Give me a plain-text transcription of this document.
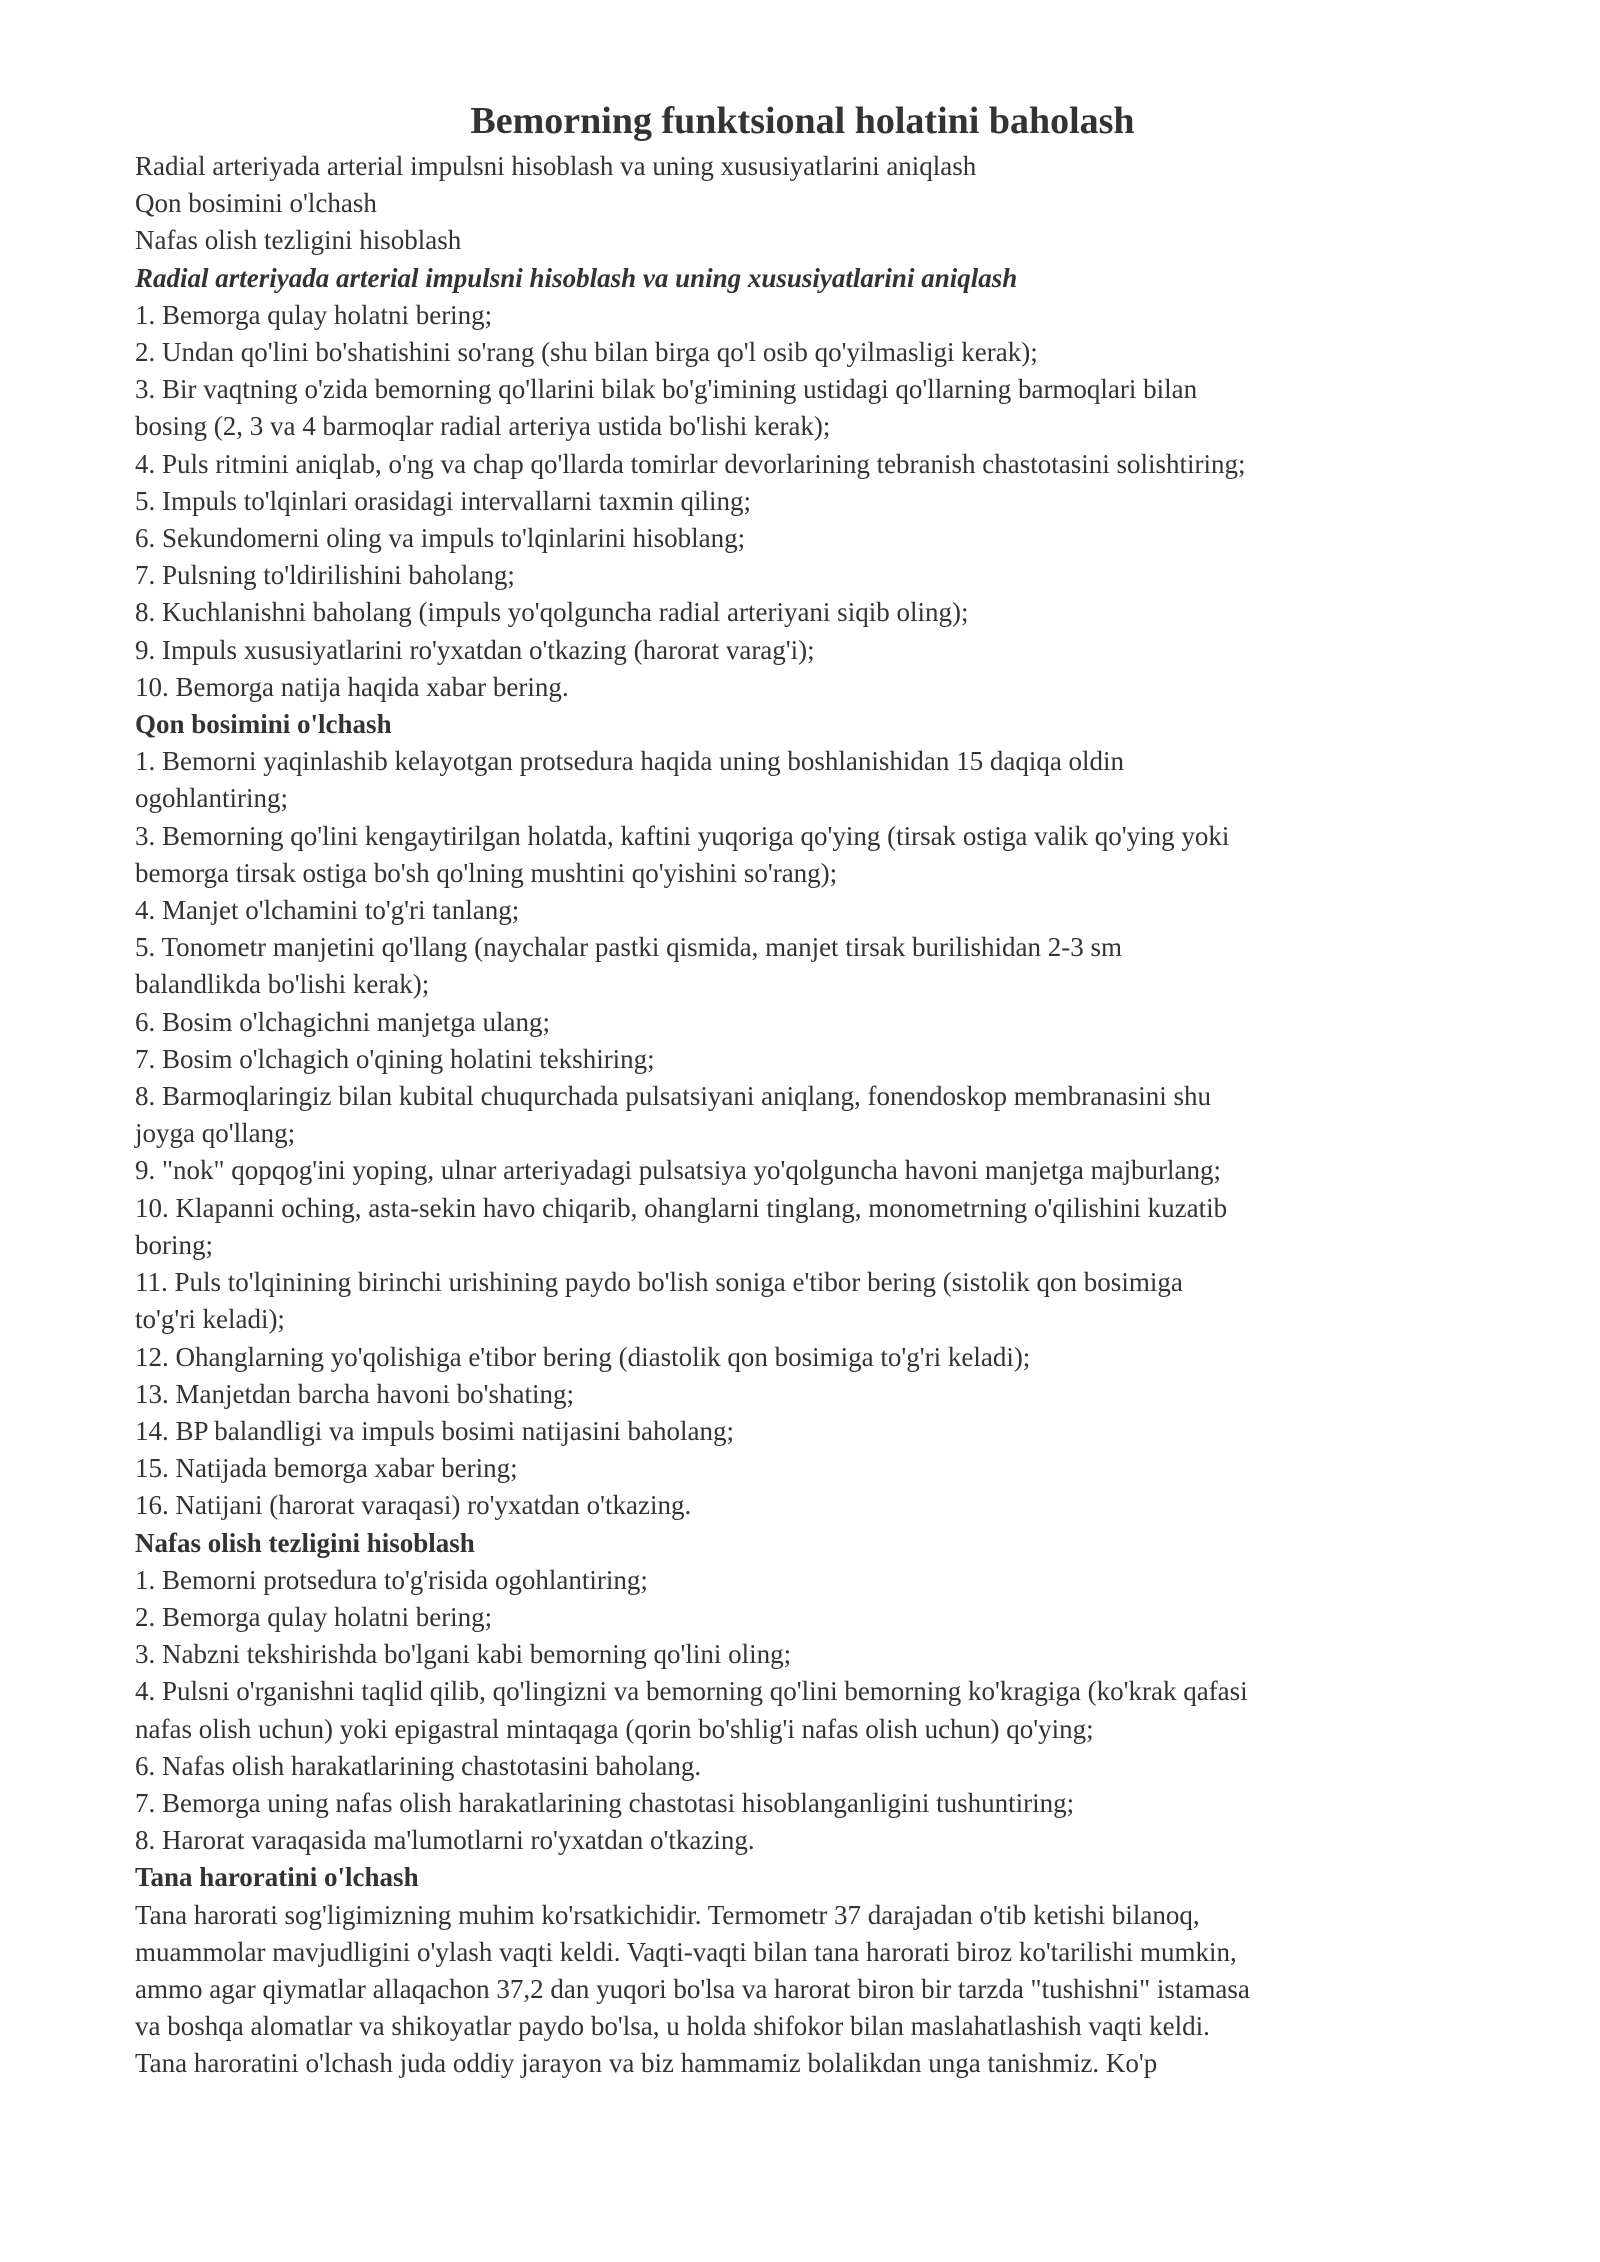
Bemorning funktsional holatini baholash

Radial arteriyada arterial impulsni hisoblash va uning xususiyatlarini aniqlash

Qon bosimini o'lchash

Nafas olish tezligini hisoblash

Radial arteriyada arterial impulsni hisoblash va uning xususiyatlarini aniqlash

1. Bemorga qulay holatni bering;

2. Undan qo'lini bo'shatishini so'rang (shu bilan birga qo'l osib qo'yilmasligi kerak);

3. Bir vaqtning o'zida bemorning qo'llarini bilak bo'g'imining ustidagi qo'llarning barmoqlari bilan

bosing (2, 3 va 4 barmoqlar radial arteriya ustida bo'lishi kerak);

4. Puls ritmini aniqlab, o'ng va chap qo'llarda tomirlar devorlarining tebranish chastotasini solishtiring;

5. Impuls to'lqinlari orasidagi intervallarni taxmin qiling;

6. Sekundomerni oling va impuls to'lqinlarini hisoblang;

7. Pulsning to'ldirilishini baholang;

8. Kuchlanishni baholang (impuls yo'qolguncha radial arteriyani siqib oling);

9. Impuls xususiyatlarini ro'yxatdan o'tkazing (harorat varag'i);

10. Bemorga natija haqida xabar bering.

Qon bosimini o'lchash

1. Bemorni yaqinlashib kelayotgan protsedura haqida uning boshlanishidan 15 daqiqa oldin

ogohlantiring;

3. Bemorning qo'lini kengaytirilgan holatda, kaftini yuqoriga qo'ying (tirsak ostiga valik qo'ying yoki

bemorga tirsak ostiga bo'sh qo'lning mushtini qo'yishini so'rang);

4. Manjet o'lchamini to'g'ri tanlang;

5. Tonometr manjetini qo'llang (naychalar pastki qismida, manjet tirsak burilishidan 2-3 sm

balandlikda bo'lishi kerak);

6. Bosim o'lchagichni manjetga ulang;

7. Bosim o'lchagich o'qining holatini tekshiring;

8. Barmoqlaringiz bilan kubital chuqurchada pulsatsiyani aniqlang, fonendoskop membranasini shu

joyga qo'llang;

9. "nok" qopqog'ini yoping, ulnar arteriyadagi pulsatsiya yo'qolguncha havoni manjetga majburlang;

10. Klapanni oching, asta-sekin havo chiqarib, ohanglarni tinglang, monometrning o'qilishini kuzatib

boring;

11. Puls to'lqinining birinchi urishining paydo bo'lish soniga e'tibor bering (sistolik qon bosimiga

to'g'ri keladi);

12. Ohanglarning yo'qolishiga e'tibor bering (diastolik qon bosimiga to'g'ri keladi);

13. Manjetdan barcha havoni bo'shating;

14. BP balandligi va impuls bosimi natijasini baholang;

15. Natijada bemorga xabar bering;

16. Natijani (harorat varaqasi) ro'yxatdan o'tkazing.

Nafas olish tezligini hisoblash

1. Bemorni protsedura to'g'risida ogohlantiring;

2. Bemorga qulay holatni bering;

3. Nabzni tekshirishda bo'lgani kabi bemorning qo'lini oling;

4. Pulsni o'rganishni taqlid qilib, qo'lingizni va bemorning qo'lini bemorning ko'kragiga (ko'krak qafasi

nafas olish uchun) yoki epigastral mintaqaga (qorin bo'shlig'i nafas olish uchun) qo'ying;

6. Nafas olish harakatlarining chastotasini baholang.

7. Bemorga uning nafas olish harakatlarining chastotasi hisoblanganligini tushuntiring;

8. Harorat varaqasida ma'lumotlarni ro'yxatdan o'tkazing.

Tana haroratini o'lchash

Tana harorati sog'ligimizning muhim ko'rsatkichidir. Termometr 37 darajadan o'tib ketishi bilanoq,

muammolar mavjudligini o'ylash vaqti keldi. Vaqti-vaqti bilan tana harorati biroz ko'tarilishi mumkin,

ammo agar qiymatlar allaqachon 37,2 dan yuqori bo'lsa va harorat biron bir tarzda "tushishni" istamasa

va boshqa alomatlar va shikoyatlar paydo bo'lsa, u holda shifokor bilan maslahatlashish vaqti keldi.

Tana haroratini o'lchash juda oddiy jarayon va biz hammamiz bolalikdan unga tanishmiz. Ko'p
